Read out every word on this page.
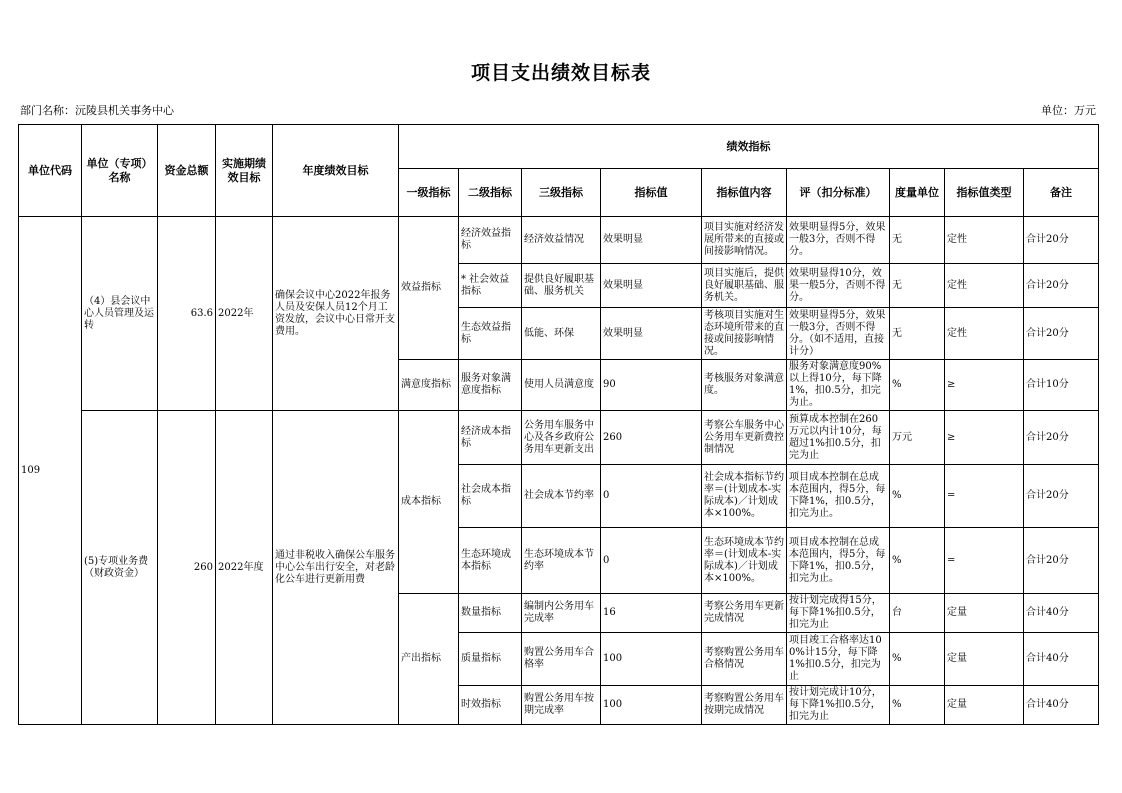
项目支出绩效目标表
部门名称：沅陵县机关事务中心	单位：万元
单位代码	单位（专项）名称	资金总额	实施期绩效目标	年度绩效目标	绩效指标								
					一级指标	二级指标	三级指标	指标值	指标值内容	评（扣分标准）	度量单位	指标值类型	备注
109	（4）县会议中心人员管理及运转	63.6	2022年	确保会议中心2022年报务人员及安保人员12个月工资发放，会议中心日常开支费用。	效益指标	经济效益指标	经济效益情况	效果明显	项目实施对经济发展所带来的直接或间接影响情况。	效果明显得5分，效果一般3分，否则不得分。	无	定性	合计20分
						* 社会效益指标	提供良好履职基础、服务机关	效果明显	项目实施后，提供良好履职基础、服务机关。	效果明显得10分，效果一般5分，否则不得分。	无	定性	合计20分
						生态效益指标	低能、环保	效果明显	考核项目实施对生态环境所带来的直接或间接影响情况。	效果明显得5分，效果一般3分，否则不得分。（如不适用，直接计分）	无	定性	合计20分
					满意度指标	服务对象满意度指标	使用人员满意度	90	考核服务对象满意度。	服务对象满意度90%以上得10分，每下降1%，扣0.5分，扣完为止。	%	≥	合计10分
	(5)专项业务费（财政资金）	260	2022年度	通过非税收入确保公车服务中心公车出行安全，对老龄化公车进行更新用费	成本指标	经济成本指标	公务用车服务中心及各乡政府公务用车更新支出	260	考察公车服务中心公务用车更新费控制情况	预算成本控制在260万元以内计10分，每超过1%扣0.5分，扣完为止	万元	≥	合计20分
						社会成本指标	社会成本节约率	0	社会成本指标节约率＝(计划成本-实际成本)／计划成本×100%。	项目成本控制在总成本范围内，得5分，每下降1%，扣0.5分，扣完为止。	%	=	合计20分
						生态环境成本指标	生态环境成本节约率	0	生态环境成本节约率＝(计划成本-实际成本)／计划成本×100%。	项目成本控制在总成本范围内，得5分，每下降1%，扣0.5分，扣完为止。	%	=	合计20分
					产出指标	数量指标	编制内公务用车完成率	16	考察公务用车更新完成情况	按计划完成得15分，每下降1%扣0.5分，扣完为止	台	定量	合计40分
						质量指标	购置公务用车合格率	100	考察购置公务用车合格情况	项目竣工合格率达100%计15分，每下降1%扣0.5分，扣完为止	%	定量	合计40分
						时效指标	购置公务用车按期完成率	100	考察购置公务用车按期完成情况	按计划完成计10分，每下降1%扣0.5分，扣完为止	%	定量	合计40分
